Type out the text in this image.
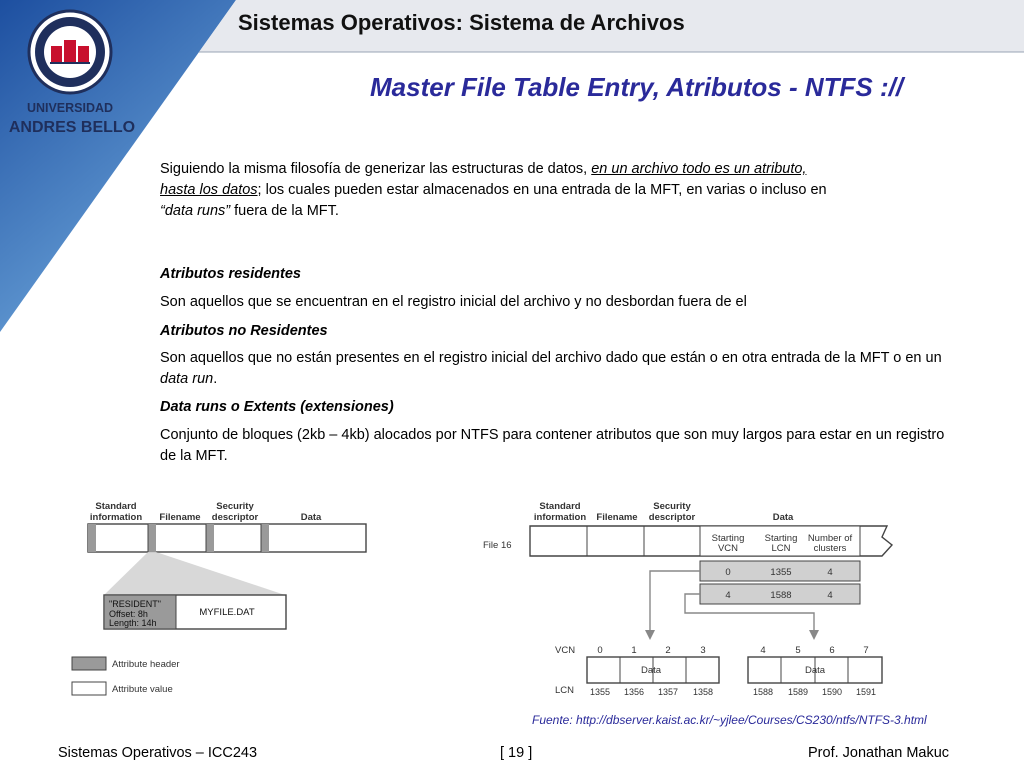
UNIVERSIDAD
ANDRES BELLO
Sistemas Operativos: Sistema de Archivos
Master File Table Entry, Atributos - NTFS ://

Siguiendo la misma filosofía de generizar las estructuras de datos, en un archivo todo es un atributo,
hasta los datos; los cuales pueden estar almacenados en una entrada de la MFT, en varias o incluso en
“data runs” fuera de la MFT.

Atributos residentes
Son aquellos que se encuentran en el registro inicial del archivo y no desbordan fuera de el
Atributos no Residentes
Son aquellos que no están presentes en el registro inicial del archivo dado que están o en otra entrada de la MFT o en un data run.
Data runs o Extents (extensiones)
Conjunto de bloques (2kb – 4kb) alocados por NTFS para contener atributos que son muy largos para estar en un registro de la MFT.
Standard
information Filename
Security
descriptor	Data
"RESIDENT"
Offset: 8h
Length: 14h
MYFILE.DAT
Attribute header
Attribute value
Standard
information Filename
Security
descriptor	Data
File 16
Starting
VCN
Starting
LCN
Number of
clusters
0	1355	4
4	1588	4
VCN
LCN
Data
0	1	2	3
1355 1356 1357 1358
Data
4	5	6	7
1588 1589 1590 1591
Fuente: http://dbserver.kaist.ac.kr/~yjlee/Courses/CS230/ntfs/NTFS-3.html
Sistemas Operativos – ICC243	[ 19 ]	Prof. Jonathan Makuc
